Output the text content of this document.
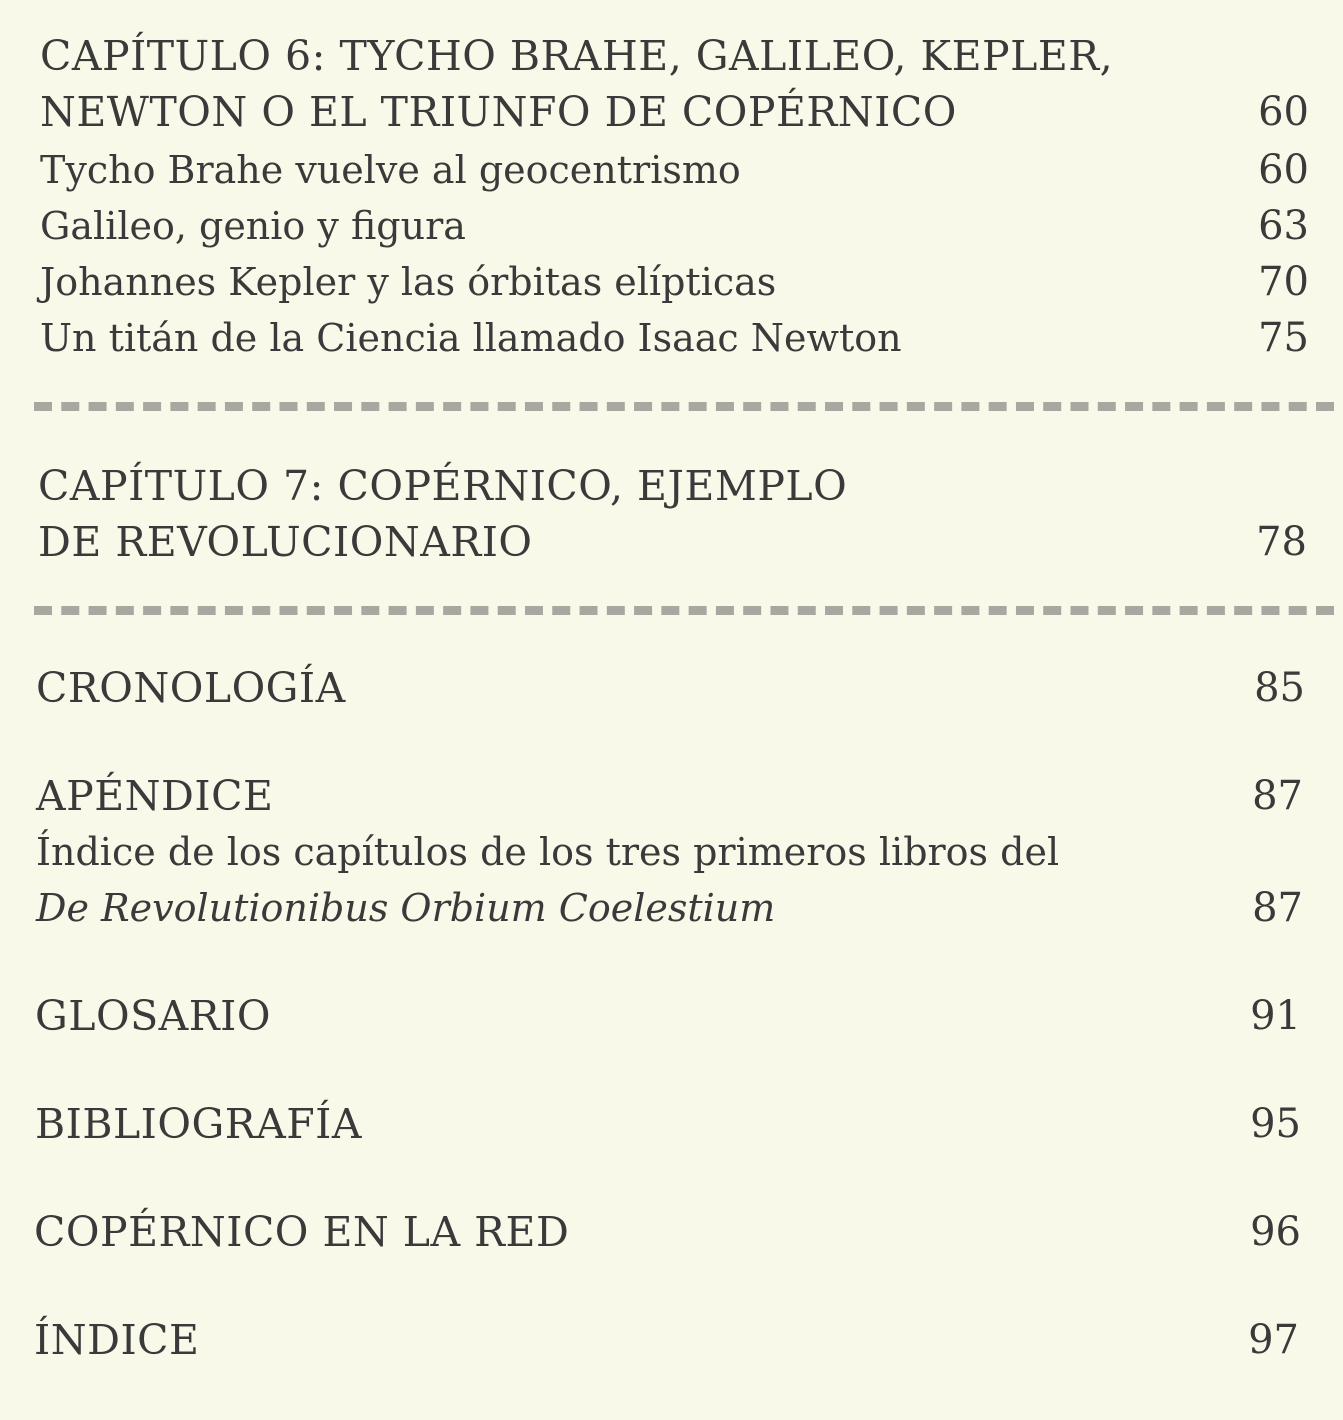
CAPÍTULO 6: TYCHO BRAHE, GALILEO, KEPLER,
NEWTON O EL TRIUNFO DE COPÉRNICO	60
Tycho Brahe vuelve al geocentrismo	60
Galileo, genio y figura	63
Johannes Kepler y las órbitas elípticas	70
Un titán de la Ciencia llamado Isaac Newton	75
CAPÍTULO 7: COPÉRNICO, EJEMPLO
DE REVOLUCIONARIO	78
CRONOLOGÍA	85
APÉNDICE	87
Índice de los capítulos de los tres primeros libros del
De Revolutionibus Orbium Coelestium	87
GLOSARIO	91
BIBLIOGRAFÍA	95
COPÉRNICO EN LA RED	96
ÍNDICE	97
